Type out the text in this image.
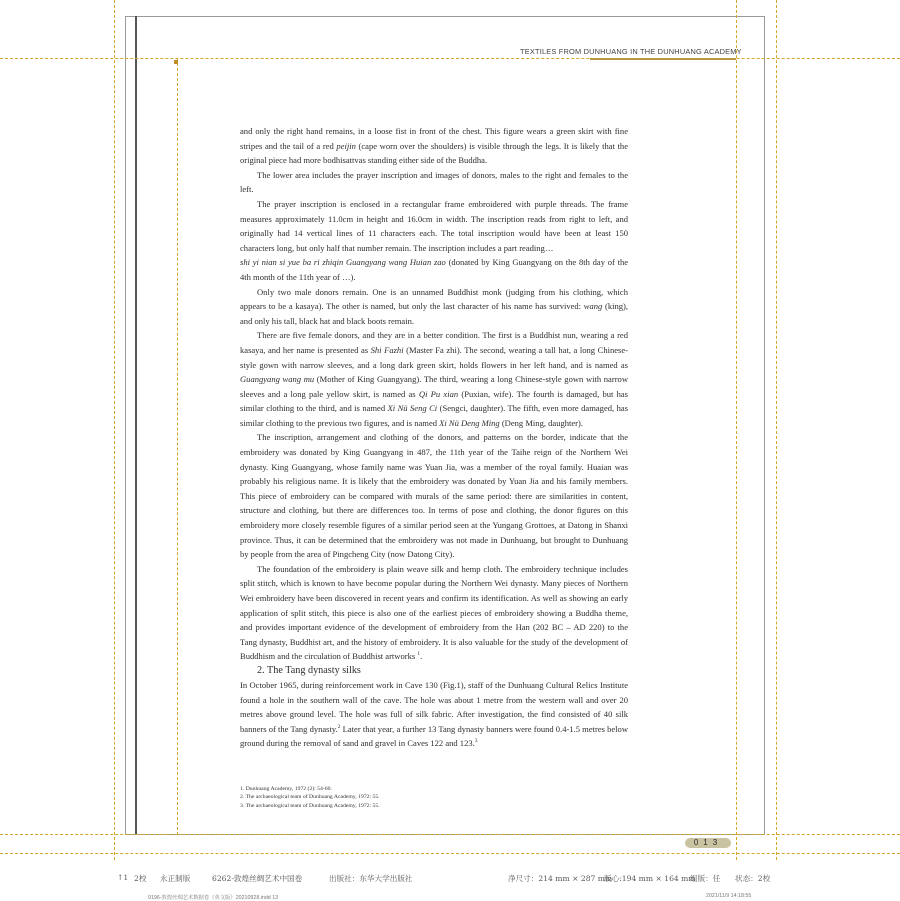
TEXTILES FROM DUNHUANG IN THE DUNHUANG ACADEMY

and only the right hand remains, in a loose fist in front of the chest. This figure wears a green skirt with fine stripes and the tail of a red peijin (cape worn over the shoulders) is visible through the legs. It is likely that the original piece had more bodhisattvas standing either side of the Buddha.

The lower area includes the prayer inscription and images of donors, males to the right and females to the left.

The prayer inscription is enclosed in a rectangular frame embroidered with purple threads. The frame measures approximately 11.0cm in height and 16.0cm in width. The inscription reads from right to left, and originally had 14 vertical lines of 11 characters each. The total inscription would have been at least 150 characters long, but only half that number remain. The inscription includes a part reading…
shi yi nian si yue ba ri zhiqin Guangyang wang Huian zao (donated by King Guangyang on the 8th day of the 4th month of the 11th year of …).

Only two male donors remain. One is an unnamed Buddhist monk (judging from his clothing, which appears to be a kasaya). The other is named, but only the last character of his name has survived: wang (king), and only his tall, black hat and black boots remain.

There are five female donors, and they are in a better condition. The first is a Buddhist nun, wearing a red kasaya, and her name is presented as Shi Fazhi (Master Fa zhi). The second, wearing a tall hat, a long Chinese-style gown with narrow sleeves, and a long dark green skirt, holds flowers in her left hand, and is named as Guangyang wang mu (Mother of King Guangyang). The third, wearing a long Chinese-style gown with narrow sleeves and a long pale yellow skirt, is named as Qi Pu xian (Puxian, wife). The fourth is damaged, but has similar clothing to the third, and is named Xi Nü Seng Ci (Sengci, daughter). The fifth, even more damaged, has similar clothing to the previous two figures, and is named Xi Nü Deng Ming (Deng Ming, daughter).

The inscription, arrangement and clothing of the donors, and patterns on the border, indicate that the embroidery was donated by King Guangyang in 487, the 11th year of the Taihe reign of the Northern Wei dynasty. King Guangyang, whose family name was Yuan Jia, was a member of the royal family. Huaian was probably his religious name. It is likely that the embroidery was donated by Yuan Jia and his family members. This piece of embroidery can be compared with murals of the same period: there are similarities in content, structure and clothing, but there are differences too. In terms of pose and clothing, the donor figures on this embroidery more closely resemble figures of a similar period seen at the Yungang Grottoes, at Datong in Shanxi province. Thus, it can be determined that the embroidery was not made in Dunhuang, but brought to Dunhuang by people from the area of Pingcheng City (now Datong City).

The foundation of the embroidery is plain weave silk and hemp cloth. The embroidery technique includes split stitch, which is known to have become popular during the Northern Wei dynasty. Many pieces of Northern Wei embroidery have been discovered in recent years and confirm its identification. As well as showing an early application of split stitch, this piece is also one of the earliest pieces of embroidery showing a Buddha theme, and provides important evidence of the development of embroidery from the Han (202 BC – AD 220) to the Tang dynasty, Buddhist art, and the history of embroidery. It is also valuable for the study of the development of Buddhism and the circulation of Buddhist artworks $^1$.

2. The Tang dynasty silks

In October 1965, during reinforcement work in Cave 130 (Fig.1), staff of the Dunhuang Cultural Relics Institute found a hole in the southern wall of the cave. The hole was about 1 metre from the western wall and over 20 metres above ground level. The hole was full of silk fabric. After investigation, the find consisted of 40 silk banners of the Tang dynasty.$^2$ Later that year, a further 13 Tang dynasty banners were found 0.4-1.5 metres below ground during the removal of sand and gravel in Caves 122 and 123.$^3$

1. Dunhuang Academy, 1972 (2): 54-60.
2. The archaeological team of Dunhuang Academy, 1972: 55.
3. The archaeological team of Dunhuang Academy, 1972: 55.
013
↑1 2校 永正制版	6262-敦煌丝绸艺术中国卷	出版社：东华大学出版社	净尺寸：214 mm × 287 mm
版心:194 mm × 164 mm
组版：任 状态：2校
9196-敦煌丝绸艺术数据卷（英文版）20210928.indd 13	2021/11/9 14:18:55
